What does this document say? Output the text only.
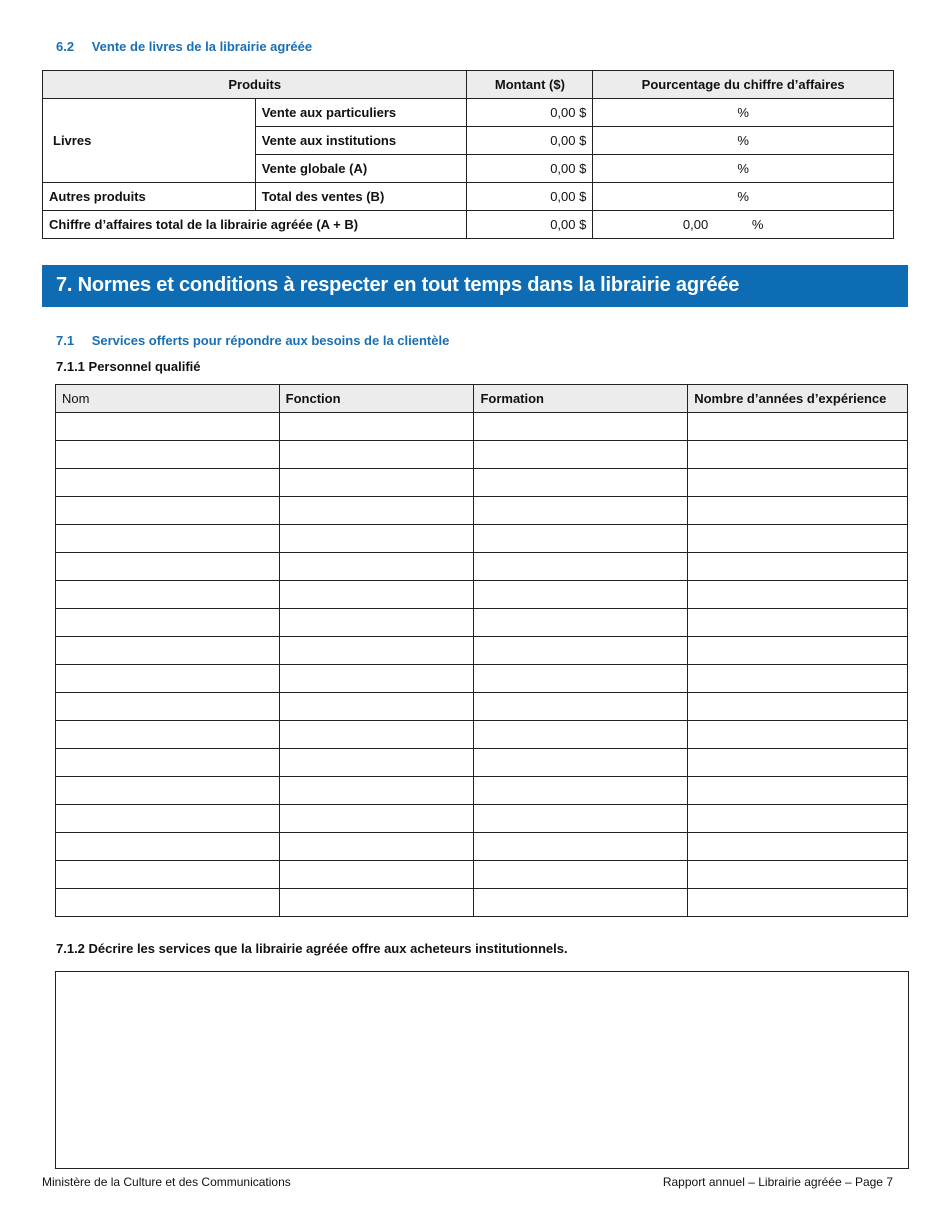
6.2 Vente de livres de la librairie agréée
Produits		Montant ($)	Pourcentage du chiffre d’affaires
Livres	Vente aux particuliers	0,00 $	%
	Vente aux institutions	0,00 $	%
	Vente globale (A)	0,00 $	%
Autres produits	Total des ventes (B)	0,00 $	%
Chiffre d’affaires total de la librairie agréée (A + B)		0,00 $	0,00 %
7. Normes et conditions à respecter en tout temps dans la librairie agréée
7.1 Services offerts pour répondre aux besoins de la clientèle
7.1.1 Personnel qualifié
Nom	Fonction	Formation	Nombre d’années d’expérience

7.1.2 Décrire les services que la librairie agréée offre aux acheteurs institutionnels.
Ministère de la Culture et des Communications	Rapport annuel – Librairie agréée – Page 7
